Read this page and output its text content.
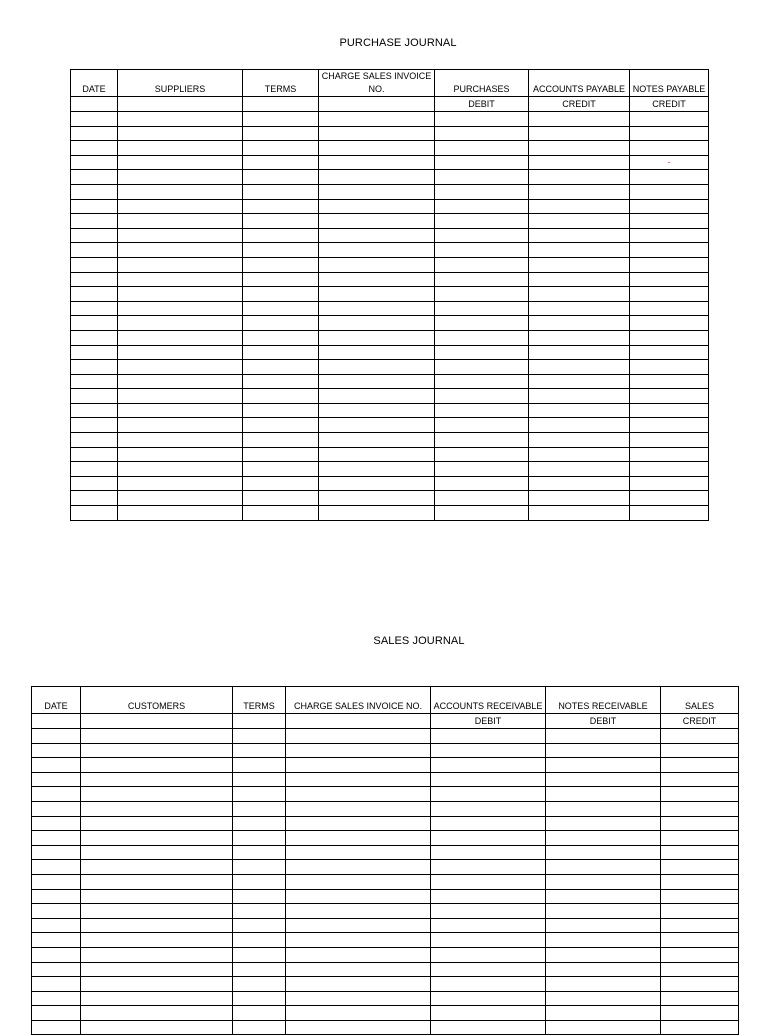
PURCHASE JOURNAL
DATE	SUPPLIERS	TERMS	CHARGE SALES INVOICE NO.	PURCHASES	ACCOUNTS PAYABLE	NOTES PAYABLE
				DEBIT	CREDIT	CREDIT

						-

SALES JOURNAL
DATE	CUSTOMERS	TERMS	CHARGE SALES INVOICE NO.	ACCOUNTS RECEIVABLE	NOTES RECEIVABLE	SALES
				DEBIT	DEBIT	CREDIT
